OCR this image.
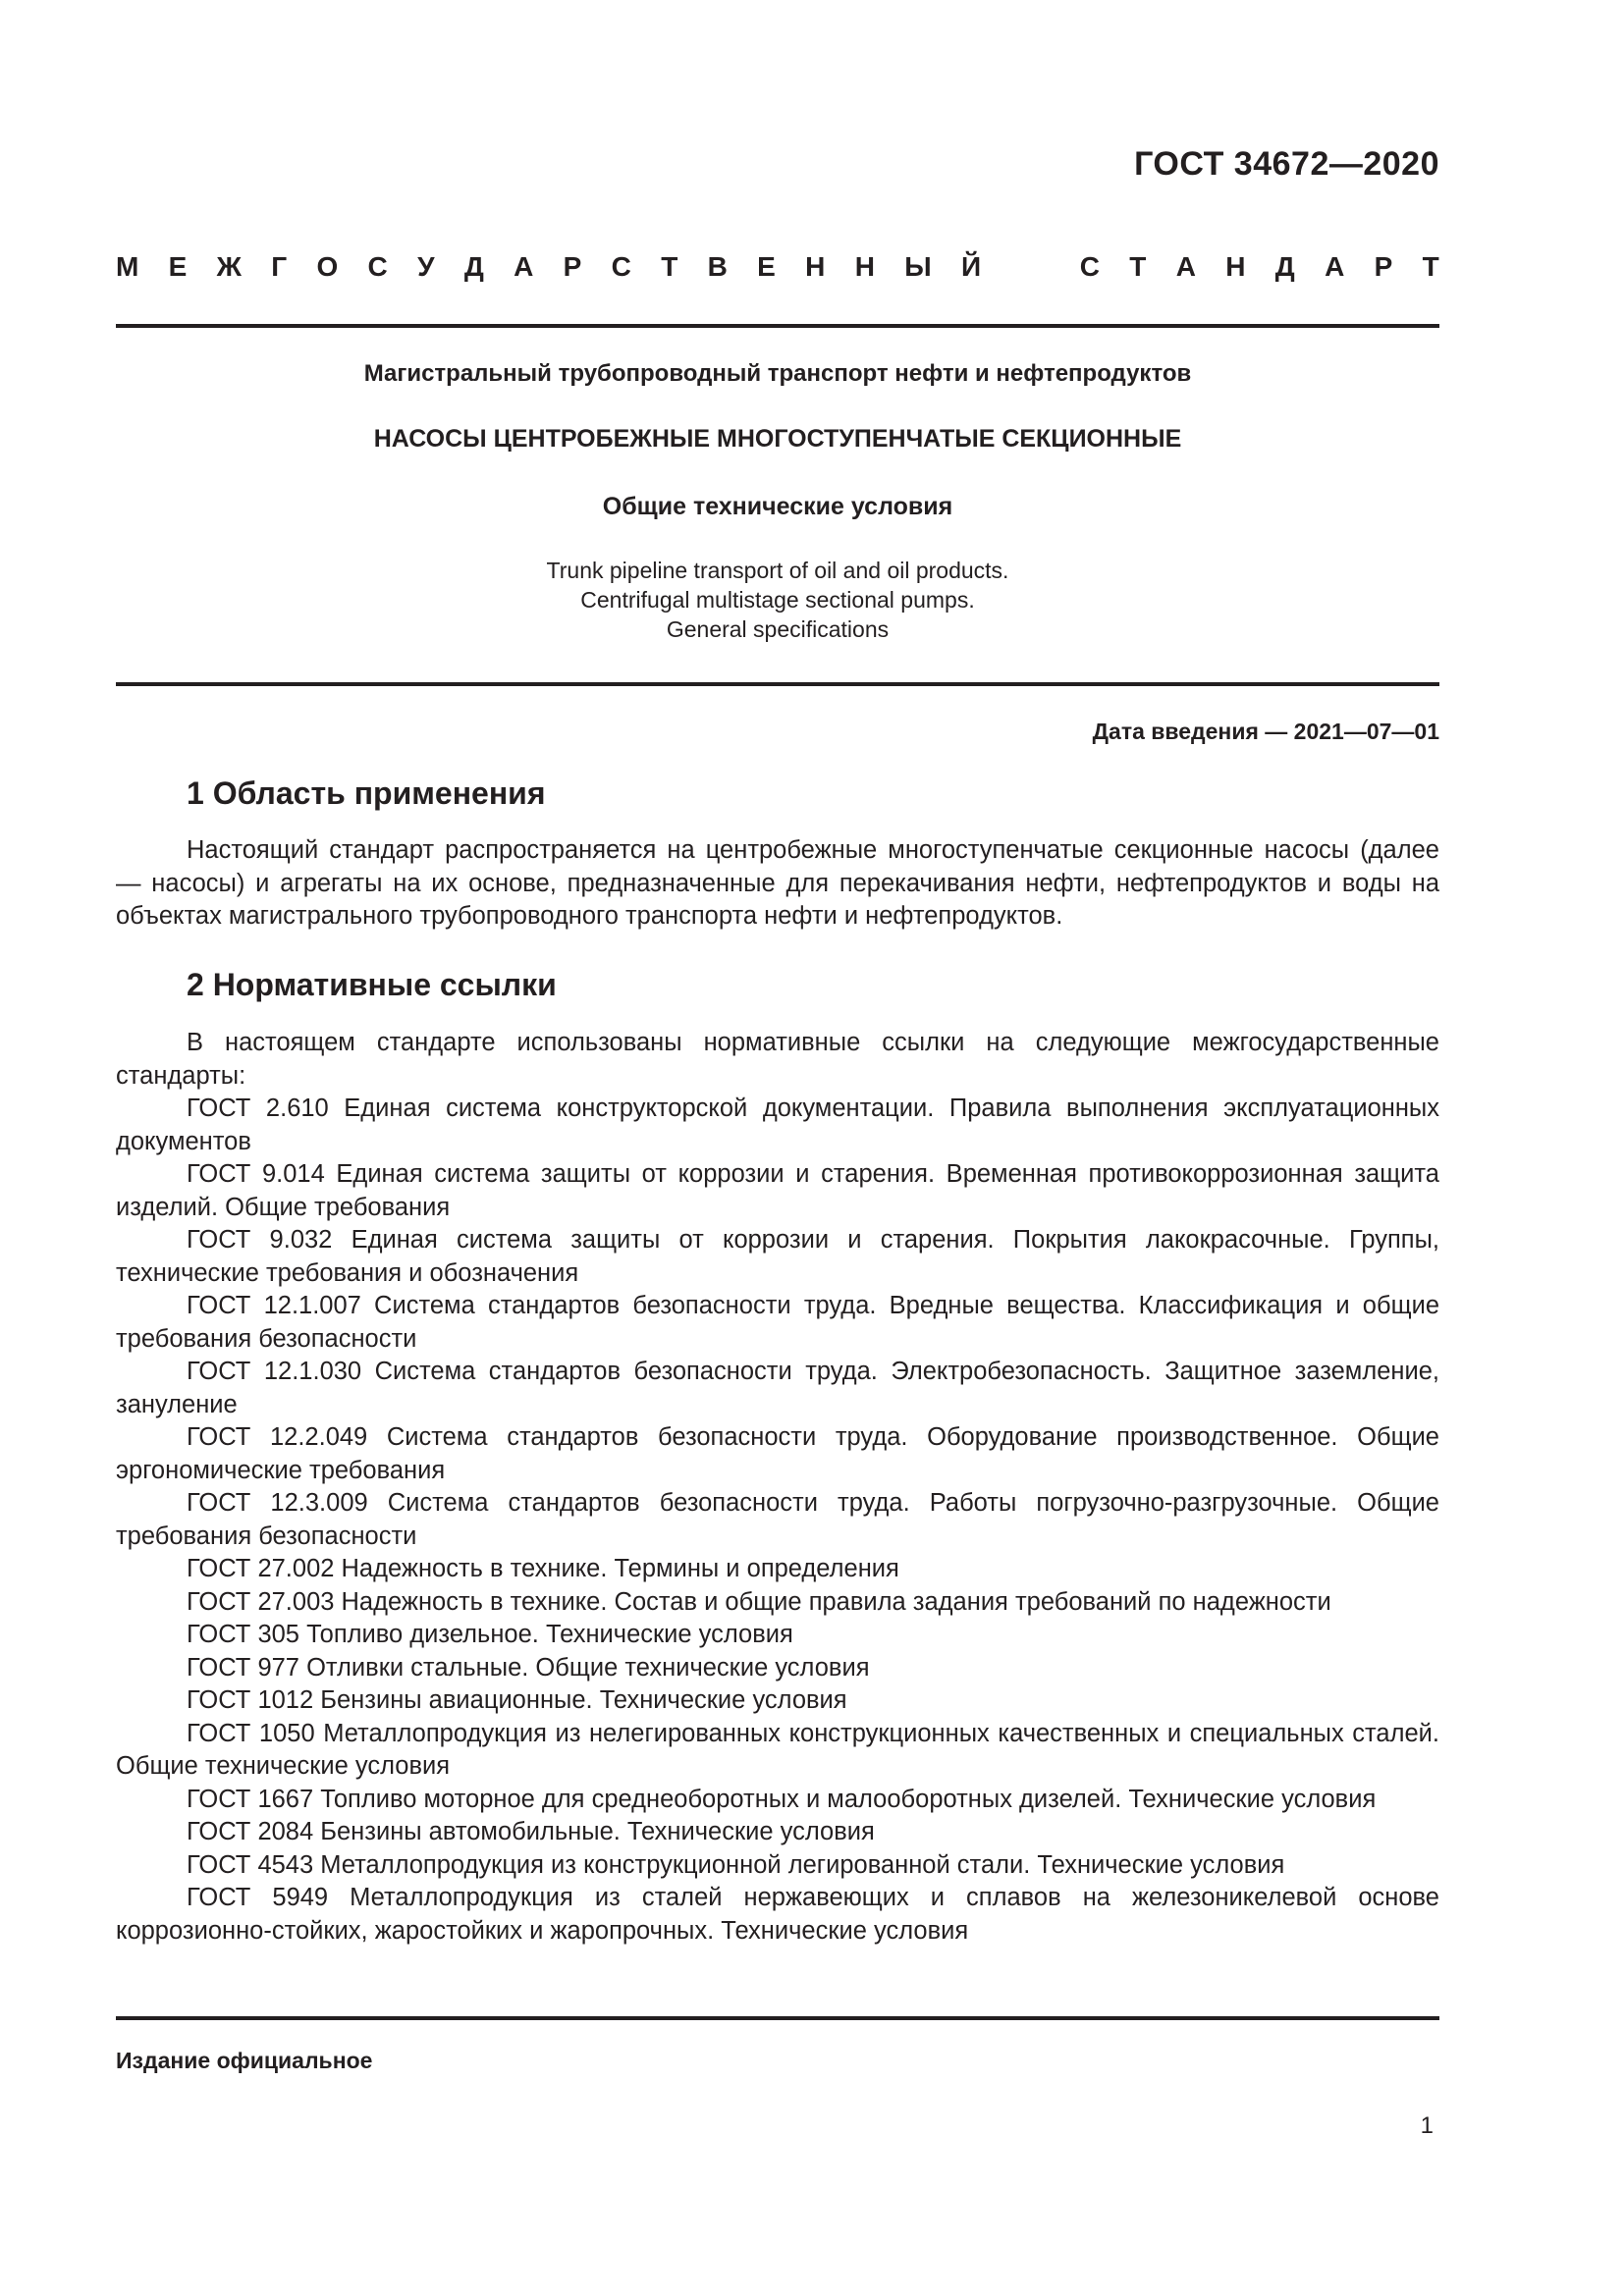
ГОСТ 34672—2020
М Е Ж Г О С У Д А Р С Т В Е Н Н Ы Й	С Т А Н Д А Р Т
Магистральный трубопроводный транспорт нефти и нефтепродуктов
НАСОСЫ ЦЕНТРОБЕЖНЫЕ МНОГОСТУПЕНЧАТЫЕ СЕКЦИОННЫЕ
Общие технические условия
Trunk pipeline transport of oil and oil products.
Centrifugal multistage sectional pumps.
General specifications
Дата введения — 2021—07—01
1 Область применения
Настоящий стандарт распространяется на центробежные многоступенчатые секционные насосы (далее — насосы) и агрегаты на их основе, предназначенные для перекачивания нефти, нефтепродуктов и воды на объектах магистрального трубопроводного транспорта нефти и нефтепродуктов.
2 Нормативные ссылки

В настоящем стандарте использованы нормативные ссылки на следующие межгосударственные стандарты:

ГОСТ 2.610 Единая система конструкторской документации. Правила выполнения эксплуатационных документов

ГОСТ 9.014 Единая система защиты от коррозии и старения. Временная противокоррозионная защита изделий. Общие требования

ГОСТ 9.032 Единая система защиты от коррозии и старения. Покрытия лакокрасочные. Группы, технические требования и обозначения

ГОСТ 12.1.007 Система стандартов безопасности труда. Вредные вещества. Классификация и общие требования безопасности

ГОСТ 12.1.030 Система стандартов безопасности труда. Электробезопасность. Защитное заземление, зануление

ГОСТ 12.2.049 Система стандартов безопасности труда. Оборудование производственное. Общие эргономические требования

ГОСТ 12.3.009 Система стандартов безопасности труда. Работы погрузочно-разгрузочные. Общие требования безопасности

ГОСТ 27.002 Надежность в технике. Термины и определения

ГОСТ 27.003 Надежность в технике. Состав и общие правила задания требований по надежности

ГОСТ 305 Топливо дизельное. Технические условия

ГОСТ 977 Отливки стальные. Общие технические условия

ГОСТ 1012 Бензины авиационные. Технические условия

ГОСТ 1050 Металлопродукция из нелегированных конструкционных качественных и специальных сталей. Общие технические условия

ГОСТ 1667 Топливо моторное для среднеоборотных и малооборотных дизелей. Технические условия

ГОСТ 2084 Бензины автомобильные. Технические условия

ГОСТ 4543 Металлопродукция из конструкционной легированной стали. Технические условия

ГОСТ 5949 Металлопродукция из сталей нержавеющих и сплавов на железоникелевой основе коррозионно-стойких, жаростойких и жаропрочных. Технические условия

Издание официальное
1
